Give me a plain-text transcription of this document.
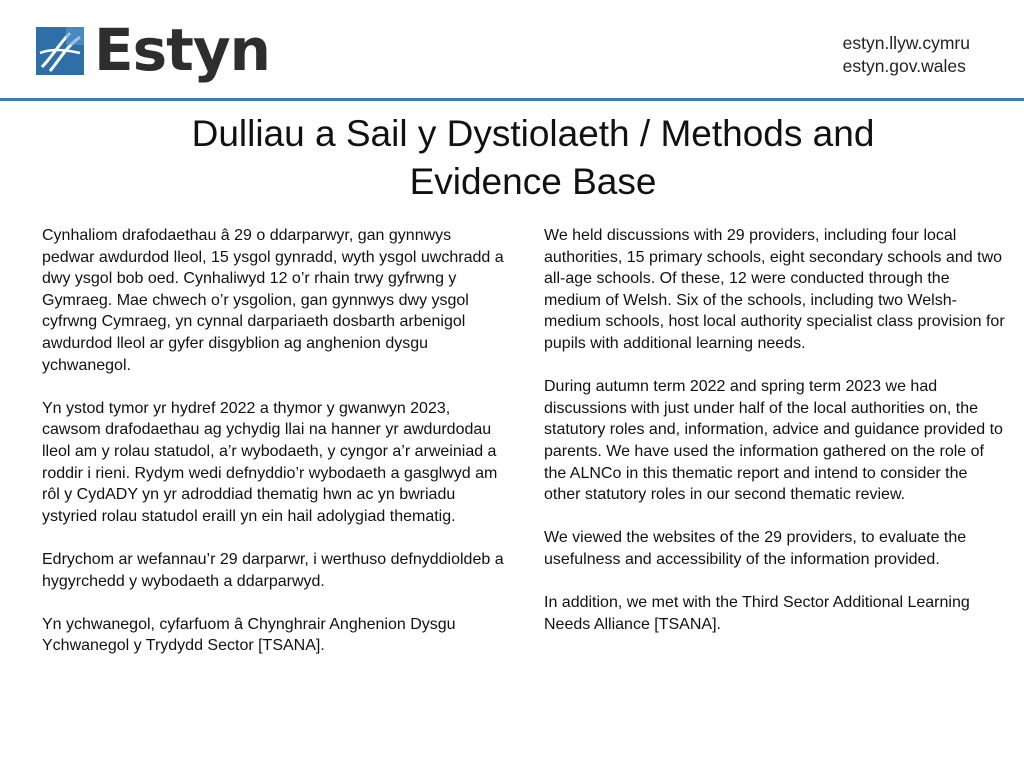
Estyn	estyn.llyw.cymru
estyn.gov.wales
Dulliau a Sail y Dystiolaeth / Methods and
Evidence Base

Cynhaliom drafodaethau â 29 o ddarparwyr, gan gynnwys pedwar awdurdod lleol, 15 ysgol gynradd, wyth ysgol uwchradd a dwy ysgol bob oed. Cynhaliwyd 12 o’r rhain trwy gyfrwng y Gymraeg. Mae chwech o’r ysgolion, gan gynnwys dwy ysgol cyfrwng Cymraeg, yn cynnal darpariaeth dosbarth arbenigol awdurdod lleol ar gyfer disgyblion ag anghenion dysgu ychwanegol.

Yn ystod tymor yr hydref 2022 a thymor y gwanwyn 2023, cawsom drafodaethau ag ychydig llai na hanner yr awdurdodau lleol am y rolau statudol, a’r wybodaeth, y cyngor a’r arweiniad a roddir i rieni. Rydym wedi defnyddio’r wybodaeth a gasglwyd am rôl y CydADY yn yr adroddiad thematig hwn ac yn bwriadu ystyried rolau statudol eraill yn ein hail adolygiad thematig.

Edrychom ar wefannau’r 29 darparwr, i werthuso defnyddioldeb a hygyrchedd y wybodaeth a ddarparwyd.

Yn ychwanegol, cyfarfuom â Chynghrair Anghenion Dysgu Ychwanegol y Trydydd Sector [TSANA].

We held discussions with 29 providers, including four local authorities, 15 primary schools, eight secondary schools and two all-age schools. Of these, 12 were conducted through the medium of Welsh. Six of the schools, including two Welsh-medium schools, host local authority specialist class provision for pupils with additional learning needs.

During autumn term 2022 and spring term 2023 we had discussions with just under half of the local authorities on, the statutory roles and, information, advice and guidance provided to parents. We have used the information gathered on the role of the ALNCo in this thematic report and intend to consider the other statutory roles in our second thematic review.

We viewed the websites of the 29 providers, to evaluate the usefulness and accessibility of the information provided.

In addition, we met with the Third Sector Additional Learning Needs Alliance [TSANA].
